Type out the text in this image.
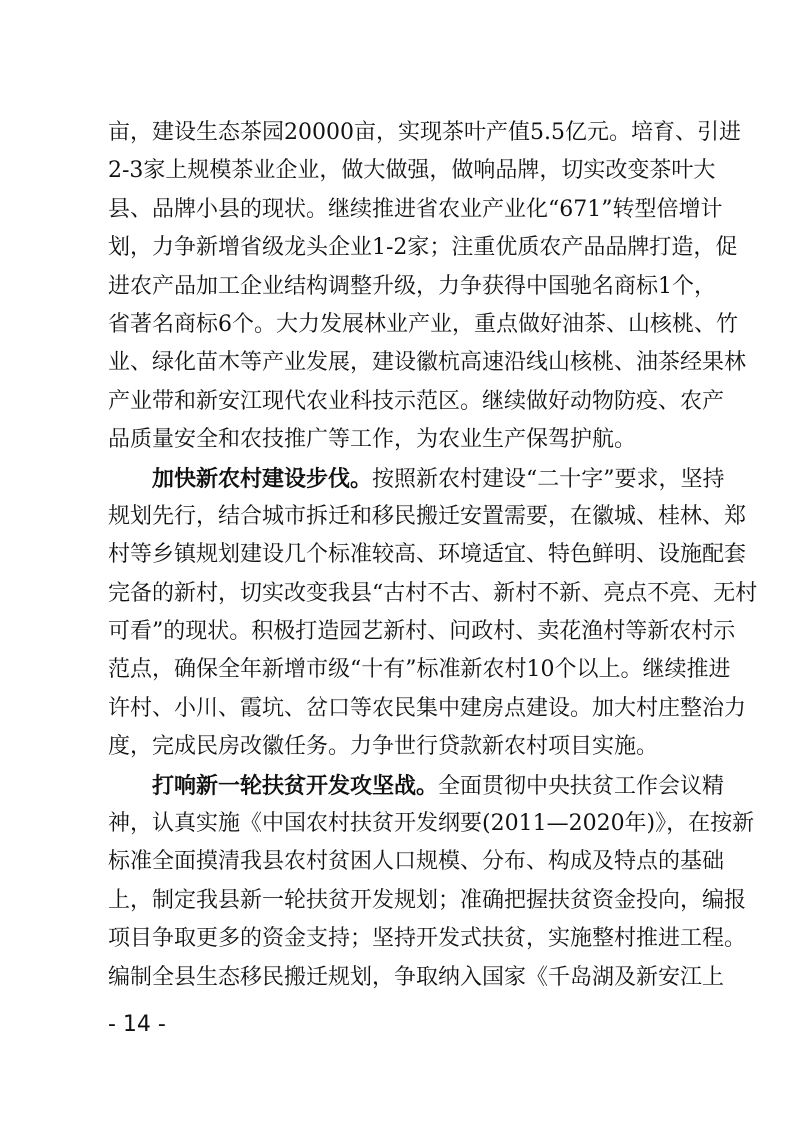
亩，建设生态茶园20000亩，实现茶叶产值5.5亿元。培育、引进
2-3家上规模茶业企业，做大做强，做响品牌，切实改变茶叶大
县、品牌小县的现状。继续推进省农业产业化“671”转型倍增计
划，力争新增省级龙头企业1-2家；注重优质农产品品牌打造，促
进农产品加工企业结构调整升级，力争获得中国驰名商标1个，
省著名商标6个。大力发展林业产业，重点做好油茶、山核桃、竹
业、绿化苗木等产业发展，建设徽杭高速沿线山核桃、油茶经果林
产业带和新安江现代农业科技示范区。继续做好动物防疫、农产
品质量安全和农技推广等工作，为农业生产保驾护航。
加快新农村建设步伐。按照新农村建设“二十字”要求，坚持
规划先行，结合城市拆迁和移民搬迁安置需要，在徽城、桂林、郑
村等乡镇规划建设几个标准较高、环境适宜、特色鲜明、设施配套
完备的新村，切实改变我县“古村不古、新村不新、亮点不亮、无村
可看”的现状。积极打造园艺新村、问政村、卖花渔村等新农村示
范点，确保全年新增市级“十有”标准新农村10个以上。继续推进
许村、小川、霞坑、岔口等农民集中建房点建设。加大村庄整治力
度，完成民房改徽任务。力争世行贷款新农村项目实施。
打响新一轮扶贫开发攻坚战。全面贯彻中央扶贫工作会议精
神，认真实施《中国农村扶贫开发纲要(2011—2020年)》，在按新
标准全面摸清我县农村贫困人口规模、分布、构成及特点的基础
上，制定我县新一轮扶贫开发规划；准确把握扶贫资金投向，编报
项目争取更多的资金支持；坚持开发式扶贫，实施整村推进工程。
编制全县生态移民搬迁规划，争取纳入国家《千岛湖及新安江上
- 14 -
